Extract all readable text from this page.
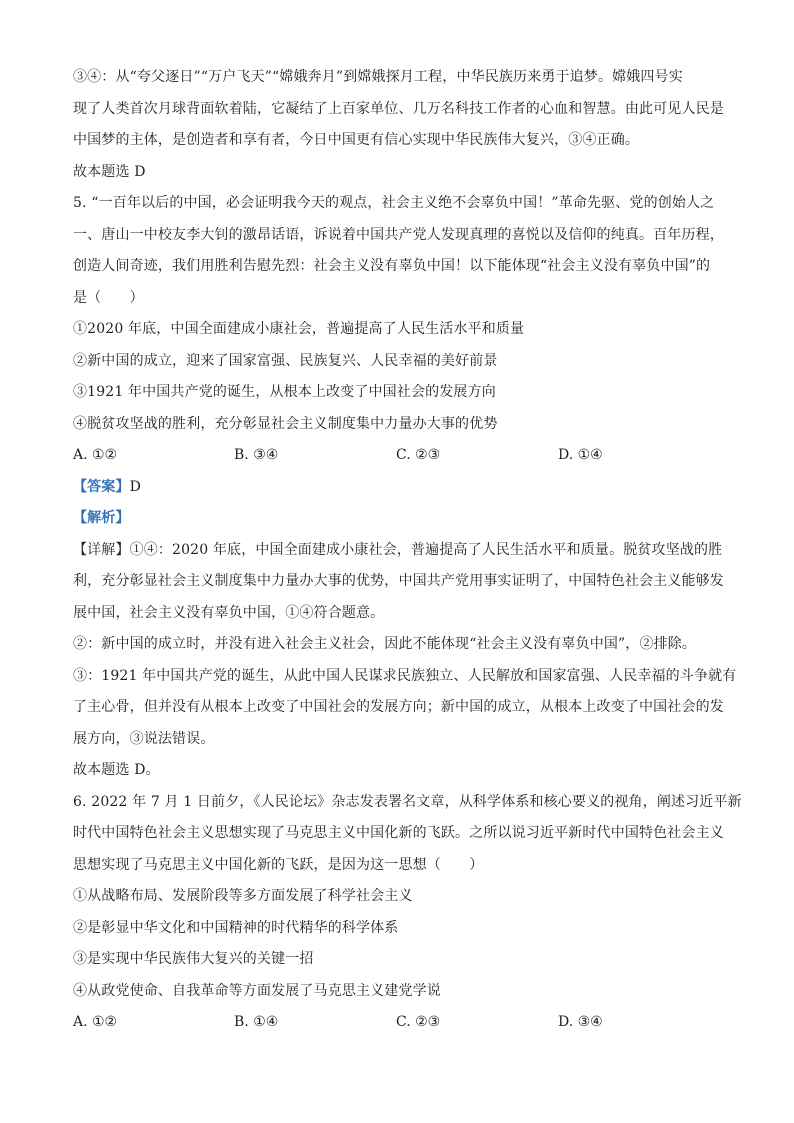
③④：从“夸父逐日”“万户飞天”“嫦娥奔月”到嫦娥探月工程，中华民族历来勇于追梦。嫦娥四号实
现了人类首次月球背面软着陆，它凝结了上百家单位、几万名科技工作者的心血和智慧。由此可见人民是
中国梦的主体，是创造者和享有者，今日中国更有信心实现中华民族伟大复兴，③④正确。
故本题选 D
5. “一百年以后的中国，必会证明我今天的观点，社会主义绝不会辜负中国！”革命先驱、党的创始人之
一、唐山一中校友李大钊的激昂话语，诉说着中国共产党人发现真理的喜悦以及信仰的纯真。百年历程，
创造人间奇迹，我们用胜利告慰先烈：社会主义没有辜负中国！以下能体现“社会主义没有辜负中国”的
是（　　）
①2020 年底，中国全面建成小康社会，普遍提高了人民生活水平和质量
②新中国的成立，迎来了国家富强、民族复兴、人民幸福的美好前景
③1921 年中国共产党的诞生，从根本上改变了中国社会的发展方向
④脱贫攻坚战的胜利，充分彰显社会主义制度集中力量办大事的优势
A. ①②	B. ③④	C. ②③	D. ①④
【答案】D
【解析】
【详解】①④：2020 年底，中国全面建成小康社会，普遍提高了人民生活水平和质量。脱贫攻坚战的胜
利，充分彰显社会主义制度集中力量办大事的优势，中国共产党用事实证明了，中国特色社会主义能够发
展中国，社会主义没有辜负中国，①④符合题意。
②：新中国的成立时，并没有进入社会主义社会，因此不能体现“社会主义没有辜负中国”，②排除。
③：1921 年中国共产党的诞生，从此中国人民谋求民族独立、人民解放和国家富强、人民幸福的斗争就有
了主心骨，但并没有从根本上改变了中国社会的发展方向；新中国的成立，从根本上改变了中国社会的发
展方向，③说法错误。
故本题选 D。
6. 2022 年 7 月 1 日前夕，《人民论坛》杂志发表署名文章，从科学体系和核心要义的视角，阐述习近平新
时代中国特色社会主义思想实现了马克思主义中国化新的飞跃。之所以说习近平新时代中国特色社会主义
思想实现了马克思主义中国化新的飞跃，是因为这一思想（　　）
①从战略布局、发展阶段等多方面发展了科学社会主义
②是彰显中华文化和中国精神的时代精华的科学体系
③是实现中华民族伟大复兴的关键一招
④从政党使命、自我革命等方面发展了马克思主义建党学说
A. ①②	B. ①④	C. ②③	D. ③④
